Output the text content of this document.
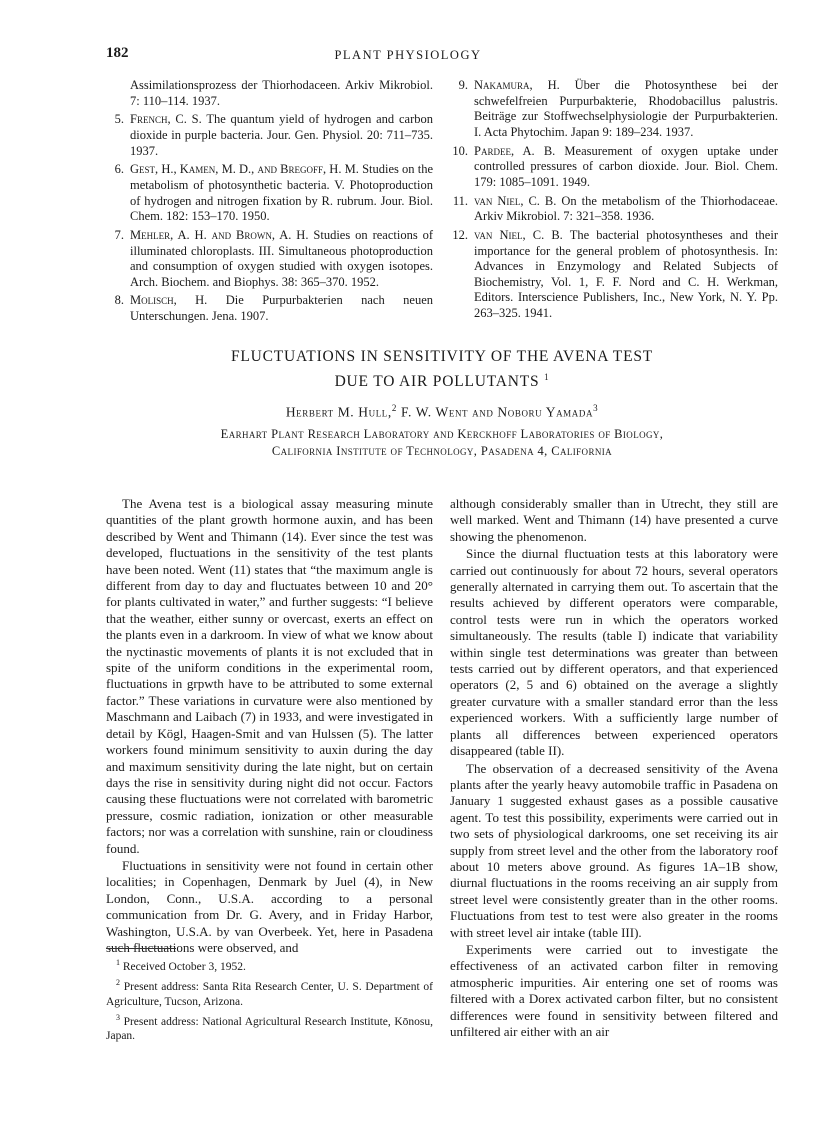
182	PLANT PHYSIOLOGY
Assimilationsprozess der Thiorhodaceen. Arkiv Mikrobiol. 7: 110–114. 1937.
5. French, C. S. The quantum yield of hydrogen and carbon dioxide in purple bacteria. Jour. Gen. Physiol. 20: 711–735. 1937.
6. Gest, H., Kamen, M. D., and Bregoff, H. M. Studies on the metabolism of photosynthetic bacteria. V. Photoproduction of hydrogen and nitrogen fixation by R. rubrum. Jour. Biol. Chem. 182: 153–170. 1950.
7. Mehler, A. H. and Brown, A. H. Studies on reactions of illuminated chloroplasts. III. Simultaneous photoproduction and consumption of oxygen studied with oxygen isotopes. Arch. Biochem. and Biophys. 38: 365–370. 1952.
8. Molisch, H. Die Purpurbakterien nach neuen Unterschungen. Jena. 1907.
9. Nakamura, H. Über die Photosynthese bei der schwefelfreien Purpurbakterie, Rhodobacillus palustris. Beiträge zur Stoffwechselphysiologie der Purpurbakterien. I. Acta Phytochim. Japan 9: 189–234. 1937.
10. Pardee, A. B. Measurement of oxygen uptake under controlled pressures of carbon dioxide. Jour. Biol. Chem. 179: 1085–1091. 1949.
11. van Niel, C. B. On the metabolism of the Thiorhodaceae. Arkiv Mikrobiol. 7: 321–358. 1936.
12. van Niel, C. B. The bacterial photosyntheses and their importance for the general problem of photosynthesis. In: Advances in Enzymology and Related Subjects of Biochemistry, Vol. 1, F. F. Nord and C. H. Werkman, Editors. Interscience Publishers, Inc., New York, N. Y. Pp. 263–325. 1941.
FLUCTUATIONS IN SENSITIVITY OF THE AVENA TEST
DUE TO AIR POLLUTANTS $^1$
Herbert M. Hull,$^2$ F. W. Went and Noboru Yamada$^3$
Earhart Plant Research Laboratory and Kerckhoff Laboratories of Biology,
California Institute of Technology, Pasadena 4, California

The Avena test is a biological assay measuring minute quantities of the plant growth hormone auxin, and has been described by Went and Thimann (14). Ever since the test was developed, fluctuations in the sensitivity of the test plants have been noted. Went (11) states that “the maximum angle is different from day to day and fluctuates between 10 and 20° for plants cultivated in water,” and further suggests: “I believe that the weather, either sunny or overcast, exerts an effect on the plants even in a darkroom. In view of what we know about the nyctinastic movements of plants it is not excluded that in spite of the uniform conditions in the experimental room, fluctuations in grpwth have to be attributed to some external factor.” These variations in curvature were also mentioned by Maschmann and Laibach (7) in 1933, and were investigated in detail by Kögl, Haagen-Smit and van Hulssen (5). The latter workers found minimum sensitivity to auxin during the day and maximum sensitivity during the late night, but on certain days the rise in sensitivity during night did not occur. Factors causing these fluctuations were not correlated with barometric pressure, cosmic radiation, ionization or other measurable factors; nor was a correlation with sunshine, rain or cloudiness found.

Fluctuations in sensitivity were not found in certain other localities; in Copenhagen, Denmark by Juel (4), in New London, Conn., U.S.A. according to a personal communication from Dr. G. Avery, and in Friday Harbor, Washington, U.S.A. by van Overbeek. Yet, here in Pasadena such fluctuations were observed, and

although considerably smaller than in Utrecht, they still are well marked. Went and Thimann (14) have presented a curve showing the phenomenon.

Since the diurnal fluctuation tests at this laboratory were carried out continuously for about 72 hours, several operators generally alternated in carrying them out. To ascertain that the results achieved by different operators were comparable, control tests were run in which the operators worked simultaneously. The results (table I) indicate that variability within single test determinations was greater than between tests carried out by different operators, and that experienced operators (2, 5 and 6) obtained on the average a slightly greater curvature with a smaller standard error than the less experienced workers. With a sufficiently large number of plants all differences between experienced operators disappeared (table II).

The observation of a decreased sensitivity of the Avena plants after the yearly heavy automobile traffic in Pasadena on January 1 suggested exhaust gases as a possible causative agent. To test this possibility, experiments were carried out in two sets of physiological darkrooms, one set receiving its air supply from street level and the other from the laboratory roof about 10 meters above ground. As figures 1A–1B show, diurnal fluctuations in the rooms receiving an air supply from street level were consistently greater than in the other rooms. Fluctuations from test to test were also greater in the rooms with street level air intake (table III).

Experiments were carried out to investigate the effectiveness of an activated carbon filter in removing atmospheric impurities. Air entering one set of rooms was filtered with a Dorex activated carbon filter, but no consistent differences were found in sensitivity between filtered and unfiltered air either with an air

$^1$ Received October 3, 1952.

$^2$ Present address: Santa Rita Research Center, U. S. Department of Agriculture, Tucson, Arizona.

$^3$ Present address: National Agricultural Research Institute, Kōnosu, Japan.
